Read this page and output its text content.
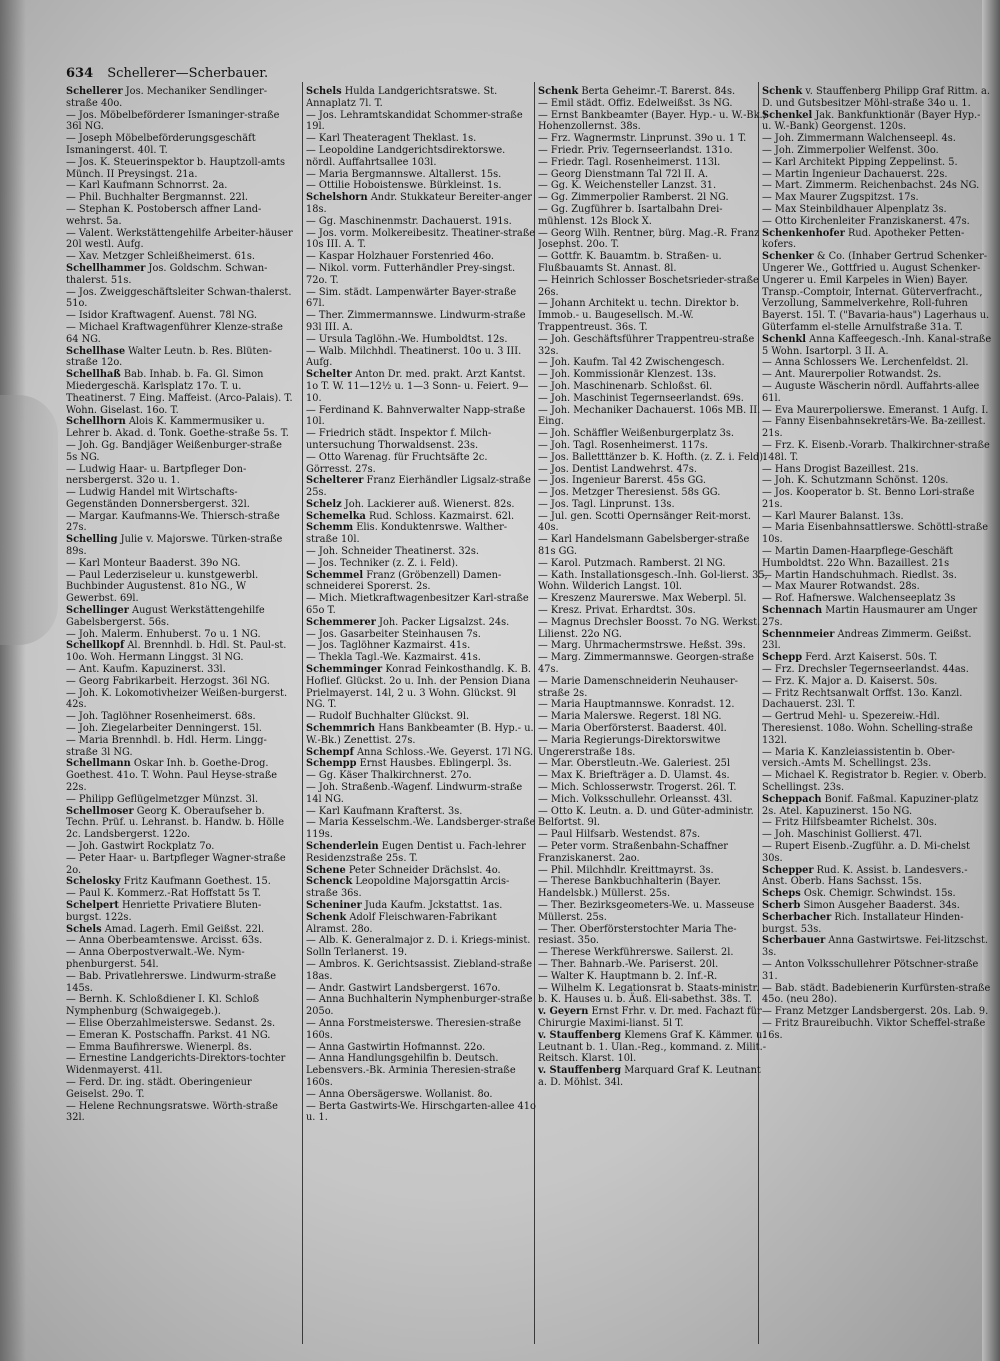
634 Schellerer—Scherbauer.

Schellerer Jos. Mechaniker Sendlinger-straße 40o.

— Jos. Möbelbeförderer Ismaninger-straße 36l NG.

— Joseph Möbelbeförderungsgeschäft Ismaningerst. 40l. T.

— Jos. K. Steuerinspektor b. Hauptzoll-amts Münch. II Preysingst. 21a.

— Karl Kaufmann Schnorrst. 2a.

— Phil. Buchhalter Bergmannst. 22l.

— Stephan K. Postobersch affner Land-wehrst. 5a.

— Valent. Werkstättengehilfe Arbeiter-häuser 20l westl. Aufg.

— Xav. Metzger Schleißheimerst. 61s.

Schellhammer Jos. Goldschm. Schwan-thalerst. 51s.

— Jos. Zweiggeschäftsleiter Schwan-thalerst. 51o.

— Isidor Kraftwagenf. Auenst. 78l NG.

— Michael Kraftwagenführer Klenze-straße 64 NG.

Schellhase Walter Leutn. b. Res. Blüten-straße 12o.

Schellhaß Bab. Inhab. b. Fa. Gl. Simon Miedergeschä. Karlsplatz 17o. T. u. Theatinerst. 7 Eing. Maffeist. (Arco-Palais). T. Wohn. Giselast. 16o. T.

Schellhorn Alois K. Kammermusiker u. Lehrer b. Akad. d. Tonk. Goethe-straße 5s. T.

— Joh. Gg. Bandjäger Weißenburger-straße 5s NG.

— Ludwig Haar- u. Bartpfleger Don-nersbergerst. 32o u. 1.

— Ludwig Handel mit Wirtschafts-Gegenständen Donnersbergerst. 32l.

— Margar. Kaufmanns-We. Thiersch-straße 27s.

Schelling Julie v. Majorswe. Türken-straße 89s.

— Karl Monteur Baaderst. 39o NG.

— Paul Lederziseleur u. kunstgewerbl. Buchbinder Augustenst. 81o NG., W Gewerbst. 69l.

Schellinger August Werkstättengehilfe Gabelsbergerst. 56s.

— Joh. Malerm. Enhuberst. 7o u. 1 NG.

Schellkopf Al. Brennhdl. b. Hdl. St. Paul-st. 10o. Woh. Hermann Linggst. 3l NG.

— Ant. Kaufm. Kapuzinerst. 33l.

— Georg Fabrikarbeit. Herzogst. 36l NG.

— Joh. K. Lokomotivheizer Weißen-burgerst. 42s.

— Joh. Taglöhner Rosenheimerst. 68s.

— Joh. Ziegelarbeiter Denningerst. 15l.

— Maria Brennhdl. b. Hdl. Herm. Lingg-straße 3l NG.

Schellmann Oskar Inh. b. Goethe-Drog. Goethest. 41o. T. Wohn. Paul Heyse-straße 22s.

— Philipp Geflügelmetzger Münzst. 3l.

Schellmoser Georg K. Oberaufseher b. Techn. Prüf. u. Lehranst. b. Handw. b. Hölle 2c. Landsbergerst. 122o.

— Joh. Gastwirt Rockplatz 7o.

— Peter Haar- u. Bartpfleger Wagner-straße 2o.

Schelosky Fritz Kaufmann Goethest. 15.

— Paul K. Kommerz.-Rat Hoffstatt 5s T.

Schelpert Henriette Privatiere Bluten-burgst. 122s.

Schels Amad. Lagerh. Emil Geißst. 22l.

— Anna Oberbeamtenswe. Arcisst. 63s.

— Anna Oberpostverwalt.-We. Nym-phenburgerst. 54l.

— Bab. Privatlehrerswe. Lindwurm-straße 145s.

— Bernh. K. Schloßdiener I. Kl. Schloß Nymphenburg (Schwaigegeb.).

— Elise Oberzahlmeisterswe. Sedanst. 2s.

— Emeran K. Postschaffn. Parkst. 41 NG.

— Emma Baufihrerswe. Wienerpl. 8s.

— Ernestine Landgerichts-Direktors-tochter Widenmayerst. 41l.

— Ferd. Dr. ing. städt. Oberingenieur Geiselst. 29o. T.

— Helene Rechnungsratswe. Wörth-straße 32l.

Schels Hulda Landgerichtsratswe. St. Annaplatz 7l. T.

— Jos. Lehramtskandidat Schommer-straße 19l.

— Karl Theateragent Theklast. 1s.

— Leopoldine Landgerichtsdirektorswe. nördl. Auffahrtsallee 103l.

— Maria Bergmannswe. Altallerst. 15s.

— Ottilie Hoboistenswe. Bürkleinst. 1s.

Schelshorn Andr. Stukkateur Bereiter-anger 18s.

— Gg. Maschinenmstr. Dachauerst. 191s.

— Jos. vorm. Molkereibesitz. Theatiner-straße 10s III. A. T.

— Kaspar Holzhauer Forstenried 46o.

— Nikol. vorm. Futterhändler Prey-singst. 72o. T.

— Sim. städt. Lampenwärter Bayer-straße 67l.

— Ther. Zimmermannswe. Lindwurm-straße 93l III. A.

— Ursula Taglöhn.-We. Humboldtst. 12s.

— Walb. Milchhdl. Theatinerst. 10o u. 3 III. Aufg.

Schelter Anton Dr. med. prakt. Arzt Kantst. 1o T. W. 11—12½ u. 1—3 Sonn- u. Feiert. 9—10.

— Ferdinand K. Bahnverwalter Napp-straße 10l.

— Friedrich städt. Inspektor f. Milch-untersuchung Thorwaldsenst. 23s.

— Otto Warenag. für Fruchtsäfte 2c. Görresst. 27s.

Schelterer Franz Eierhändler Ligsalz-straße 25s.

Schelz Joh. Lackierer auß. Wienerst. 82s.

Schemelka Rud. Schloss. Kazmairst. 62l.

Schemm Elis. Konduktenrswe. Walther-straße 10l.

— Joh. Schneider Theatinerst. 32s.

— Jos. Techniker (z. Z. i. Feld).

Schemmel Franz (Gröbenzell) Damen-schneiderei Sporerst. 2s.

— Mich. Mietkraftwagenbesitzer Karl-straße 65o T.

Schemmerer Joh. Packer Ligsalzst. 24s.

— Jos. Gasarbeiter Steinhausen 7s.

— Jos. Taglöhner Kazmairst. 41s.

— Thekla Tagl.-We. Kazmairst. 41s.

Schemminger Konrad Feinkosthandlg. K. B. Hoflief. Glückst. 2o u. Inh. der Pension Diana Prielmayerst. 14l, 2 u. 3 Wohn. Glückst. 9l NG. T.

— Rudolf Buchhalter Glückst. 9l.

Schemmrich Hans Bankbeamter (B. Hyp.- u. W.-Bk.) Zenettist. 27s.

Schempf Anna Schloss.-We. Geyerst. 17l NG.

Schempp Ernst Hausbes. Eblingerpl. 3s.

— Gg. Käser Thalkirchnerst. 27o.

— Joh. Straßenb.-Wagenf. Lindwurm-straße 14l NG.

— Karl Kaufmann Krafterst. 3s.

— Maria Kesselschm.-We. Landsberger-straße 119s.

Schenderlein Eugen Dentist u. Fach-lehrer Residenzstraße 25s. T.

Schene Peter Schneider Drächslst. 4o.

Schenck Leopoldine Majorsgattin Arcis-straße 36s.

Scheniner Juda Kaufm. Jckstattst. 1as.

Schenk Adolf Fleischwaren-Fabrikant Alramst. 28o.

— Alb. K. Generalmajor z. D. i. Kriegs-minist. Solln Terlanerst. 19.

— Ambros. K. Gerichtsassist. Ziebland-straße 18as.

— Andr. Gastwirt Landsbergerst. 167o.

— Anna Buchhalterin Nymphenburger-straße 205o.

— Anna Forstmeisterswe. Theresien-straße 160s.

— Anna Gastwirtin Hofmannst. 22o.

— Anna Handlungsgehilfin b. Deutsch. Lebensvers.-Bk. Arminia Theresien-straße 160s.

— Anna Obersägerswe. Wollanist. 8o.

— Berta Gastwirts-We. Hirschgarten-allee 41o u. 1.

Schenk Berta Geheimr.-T. Barerst. 84s.

— Emil städt. Offiz. Edelweißst. 3s NG.

— Ernst Bankbeamter (Bayer. Hyp.- u. W.-Bk.) Hohenzollernst. 38s.

— Frz. Wagnermstr. Linprunst. 39o u. 1 T.

— Friedr. Priv. Tegernseerlandst. 131o.

— Friedr. Tagl. Rosenheimerst. 113l.

— Georg Dienstmann Tal 72l II. A.

— Gg. K. Weichensteller Lanzst. 31.

— Gg. Zimmerpolier Ramberst. 2l NG.

— Gg. Zugführer b. Isartalbahn Drei-mühlenst. 12s Block X.

— Georg Wilh. Rentner, bürg. Mag.-R. Franz Josephst. 20o. T.

— Gottfr. K. Bauamtm. b. Straßen- u. Flußbauamts St. Annast. 8l.

— Heinrich Schlosser Boschetsrieder-straße 26s.

— Johann Architekt u. techn. Direktor b. Immob.- u. Baugesellsch. M.-W. Trappentreust. 36s. T.

— Joh. Geschäftsführer Trappentreu-straße 32s.

— Joh. Kaufm. Tal 42 Zwischengesch.

— Joh. Kommissionär Klenzest. 13s.

— Joh. Maschinenarb. Schloßst. 6l.

— Joh. Maschinist Tegernseerlandst. 69s.

— Joh. Mechaniker Dachauerst. 106s MB. II. Eing.

— Joh. Schäffler Weißenburgerplatz 3s.

— Joh. Tagl. Rosenheimerst. 117s.

— Jos. Balletttänzer b. K. Hofth. (z. Z. i. Feld).

— Jos. Dentist Landwehrst. 47s.

— Jos. Ingenieur Barerst. 45s GG.

— Jos. Metzger Theresienst. 58s GG.

— Jos. Tagl. Linprunst. 13s.

— Jul. gen. Scotti Opernsänger Reit-morst. 40s.

— Karl Handelsmann Gabelsberger-straße 81s GG.

— Karol. Putzmach. Ramberst. 2l NG.

— Kath. Installationsgesch.-Inh. Gol-lierst. 35, Wohn. Wilderich Langst. 10l.

— Kreszenz Maurerswe. Max Weberpl. 5l.

— Kresz. Privat. Erhardtst. 30s.

— Magnus Drechsler Boosst. 7o NG. Werkst. Lilienst. 22o NG.

— Marg. Uhrmachermstrswe. Heßst. 39s.

— Marg. Zimmermannswe. Georgen-straße 47s.

— Marie Damenschneiderin Neuhauser-straße 2s.

— Maria Hauptmannswe. Konradst. 12.

— Maria Malerswe. Regerst. 18l NG.

— Maria Oberförsterst. Baaderst. 40l.

— Maria Regierungs-Direktorswitwe Ungererstraße 18s.

— Mar. Oberstleutn.-We. Galeriest. 25l

— Max K. Briefträger a. D. Ulamst. 4s.

— Mich. Schlosserwstr. Trogerst. 26l. T.

— Mich. Volksschullehr. Orleansst. 43l.

— Otto K. Leutn. a. D. und Güter-administr. Belfortst. 9l.

— Paul Hilfsarb. Westendst. 87s.

— Peter vorm. Straßenbahn-Schaffner Franziskanerst. 2ao.

— Phil. Milchhdlr. Kreittmayrst. 3s.

— Therese Bankbuchhalterin (Bayer. Handelsbk.) Müllerst. 25s.

— Ther. Bezirksgeometers-We. u. Masseuse Müllerst. 25s.

— Ther. Oberförsterstochter Maria The-resiast. 35o.

— Therese Werkführerswe. Sailerst. 2l.

— Ther. Bahnarb.-We. Pariserst. 20l.

— Walter K. Hauptmann b. 2. Inf.-R.

— Wilhelm K. Legationsrat b. Staats-ministr. b. K. Hauses u. b. Äuß. Eli-sabethst. 38s. T.

v. Geyern Ernst Frhr. v. Dr. med. Fachazt für Chirurgie Maximi-lianst. 5l T.

v. Stauffenberg Klemens Graf K. Kämmer. u. Leutnant b. 1. Ulan.-Reg., kommand. z. Milit.-Reitsch. Klarst. 10l.

v. Stauffenberg Marquard Graf K. Leutnant a. D. Möhlst. 34l.

Schenk v. Stauffenberg Philipp Graf Rittm. a. D. und Gutsbesitzer Möhl-straße 34o u. 1.

Schenkel Jak. Bankfunktionär (Bayer Hyp.- u. W.-Bank) Georgenst. 120s.

— Joh. Zimmermann Walchenseepl. 4s.

— Joh. Zimmerpolier Welfenst. 30o.

— Karl Architekt Pipping Zeppelinst. 5.

— Martin Ingenieur Dachauerst. 22s.

— Mart. Zimmerm. Reichenbachst. 24s NG.

— Max Maurer Zugspitzst. 17s.

— Max Steinbildhauer Alpenplatz 3s.

— Otto Kirchenleiter Franziskanerst. 47s.

Schenkenhofer Rud. Apotheker Petten-kofers.

Schenker & Co. (Inhaber Gertrud Schenker-Ungerer We., Gottfried u. August Schenker-Ungerer u. Emil Karpeles in Wien) Bayer. Transp.-Comptoir, Internat. Güterverfracht., Verzollung, Sammelverkehre, Roll-fuhren Bayerst. 15l. T. ("Bavaria-haus") Lagerhaus u. Güterfamm el-stelle Arnulfstraße 31a. T.

Schenkl Anna Kaffeegesch.-Inh. Kanal-straße 5 Wohn. Isartorpl. 3 II. A.

— Anna Schlossers We. Lerchenfeldst. 2l.

— Ant. Maurerpolier Rotwandst. 2s.

— Auguste Wäscherin nördl. Auffahrts-allee 61l.

— Eva Maurerpolierswe. Emeranst. 1 Aufg. I.

— Fanny Eisenbahnsekretärs-We. Ba-zeillest. 21s.

— Frz. K. Eisenb.-Vorarb. Thalkirchner-straße 148l. T.

— Hans Drogist Bazeillest. 21s.

— Joh. K. Schutzmann Schönst. 120s.

— Jos. Kooperator b. St. Benno Lori-straße 21s.

— Karl Maurer Balanst. 13s.

— Maria Eisenbahnsattlerswe. Schöttl-straße 10s.

— Martin Damen-Haarpflege-Geschäft Humboldtst. 22o Whn. Bazaillest. 21s

— Martin Handschuhmach. Riedlst. 3s.

— Max Maurer Rotwandst. 28s.

— Rof. Hafnerswe. Walchenseeplatz 3s

Schennach Martin Hausmaurer am Unger 27s.

Schennmeier Andreas Zimmerm. Geißst. 23l.

Schepp Ferd. Arzt Kaiserst. 50s. T.

— Frz. Drechsler Tegernseerlandst. 44as.

— Frz. K. Major a. D. Kaiserst. 50s.

— Fritz Rechtsanwalt Orffst. 13o. Kanzl. Dachauerst. 23l. T.

— Gertrud Mehl- u. Spezereiw.-Hdl. Theresienst. 108o. Wohn. Schelling-straße 132l.

— Maria K. Kanzleiassistentin b. Ober-versich.-Amts M. Schellingst. 23s.

— Michael K. Registrator b. Regier. v. Oberb. Schellingst. 23s.

Scheppach Bonif. Faßmal. Kapuziner-platz 2s. Atel. Kapuzinerst. 15o NG.

— Fritz Hilfsbeamter Richelst. 30s.

— Joh. Maschinist Gollierst. 47l.

— Rupert Eisenb.-Zugführ. a. D. Mi-chelst 30s.

Schepper Rud. K. Assist. b. Landesvers.-Anst. Oberb. Hans Sachsst. 15s.

Scheps Osk. Chemigr. Schwindst. 15s.

Scherb Simon Ausgeher Baaderst. 34s.

Scherbacher Rich. Installateur Hinden-burgst. 53s.

Scherbauer Anna Gastwirtswe. Fei-litzschst. 3s.

— Anton Volksschullehrer Pötschner-straße 31.

— Bab. städt. Badebienerin Kurfürsten-straße 45o. (neu 28o).

— Franz Metzger Landsbergerst. 20s. Lab. 9.

— Fritz Braureibuchh. Viktor Scheffel-straße 16s.
